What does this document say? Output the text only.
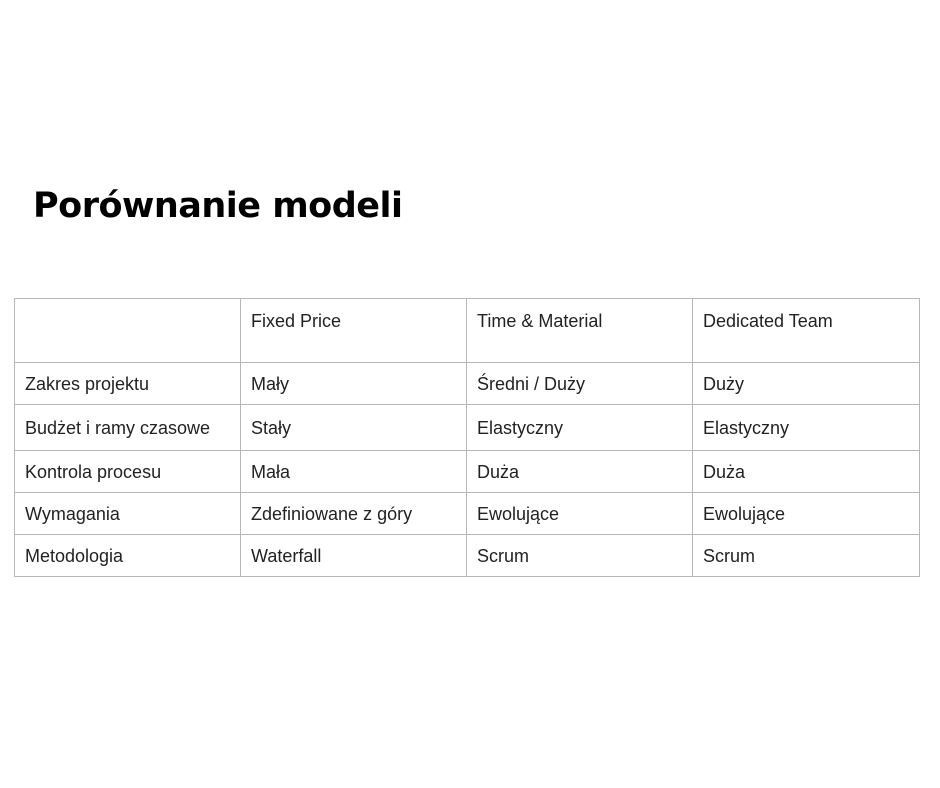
Porównanie modeli
	Fixed Price	Time & Material	Dedicated Team
Zakres projektu	Mały	Średni / Duży	Duży
Budżet i ramy czasowe	Stały	Elastyczny	Elastyczny
Kontrola procesu	Mała	Duża	Duża
Wymagania	Zdefiniowane z góry	Ewolujące	Ewolujące
Metodologia	Waterfall	Scrum	Scrum
